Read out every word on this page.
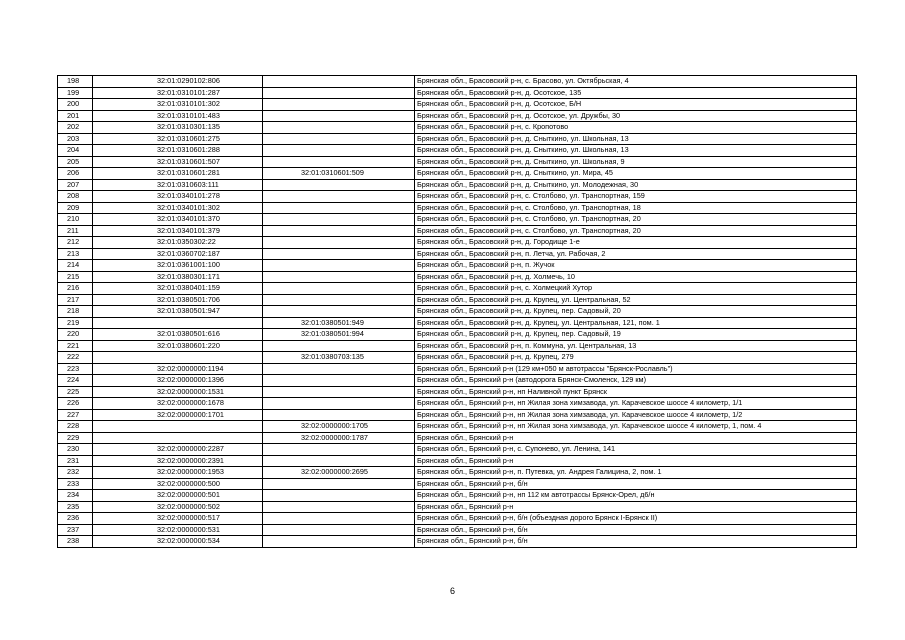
198	32:01:0290102:806		Брянская обл., Брасовский р-н, с. Брасово, ул. Октябрьская, 4
199	32:01:0310101:287		Брянская обл., Брасовский р-н, д. Осотское, 135
200	32:01:0310101:302		Брянская обл., Брасовский р-н, д. Осотское, Б/Н
201	32:01:0310101:483		Брянская обл., Брасовский р-н, д. Осотское, ул. Дружбы, 30
202	32:01:0310301:135		Брянская обл., Брасовский р-н, с. Кропотово
203	32:01:0310601:275		Брянская обл., Брасовский р-н, д. Сныткино, ул. Школьная, 13
204	32:01:0310601:288		Брянская обл., Брасовский р-н, д. Сныткино, ул. Школьная, 13
205	32:01:0310601:507		Брянская обл., Брасовский р-н, д. Сныткино, ул. Школьная, 9
206	32:01:0310601:281	32:01:0310601:509	Брянская обл., Брасовский р-н, д. Сныткино, ул. Мира, 45
207	32:01:0310603:111		Брянская обл., Брасовский р-н, д. Сныткино, ул. Молодежная, 30
208	32:01:0340101:278		Брянская обл., Брасовский р-н, с. Столбово, ул. Транспортная, 159
209	32:01:0340101:302		Брянская обл., Брасовский р-н, с. Столбово, ул. Транспортная, 18
210	32:01:0340101:370		Брянская обл., Брасовский р-н, с. Столбово, ул. Транспортная, 20
211	32:01:0340101:379		Брянская обл., Брасовский р-н, с. Столбово, ул. Транспортная, 20
212	32:01:0350302:22		Брянская обл., Брасовский р-н, д. Городище 1-е
213	32:01:0360702:187		Брянская обл., Брасовский р-н, п. Летча, ул. Рабочая, 2
214	32:01:0361001:100		Брянская обл., Брасовский р-н, п. Жучок
215	32:01:0380301:171		Брянская обл., Брасовский р-н, д. Холмечь, 10
216	32:01:0380401:159		Брянская обл., Брасовский р-н, с. Холмецкий Хутор
217	32:01:0380501:706		Брянская обл., Брасовский р-н, д. Крупец, ул. Центральная, 52
218	32:01:0380501:947		Брянская обл., Брасовский р-н, д. Крупец, пер. Садовый, 20
219		32:01:0380501:949	Брянская обл., Брасовский р-н, д. Крупец, ул. Центральная, 121, пом. 1
220	32:01:0380501:616	32:01:0380501:994	Брянская обл., Брасовский р-н, д. Крупец, пер. Садовый, 19
221	32:01:0380601:220		Брянская обл., Брасовский р-н, п. Коммуна, ул. Центральная, 13
222		32:01:0380703:135	Брянская обл., Брасовский р-н, д. Крупец, 279
223	32:02:0000000:1194		Брянская обл., Брянский р-н (129 км+050 м автотрассы "Брянск-Рославль")
224	32:02:0000000:1396		Брянская обл., Брянский р-н (автодорога Брянск-Смоленск, 129 км)
225	32:02:0000000:1531		Брянская обл., Брянский р-н, нп Наливной пункт Брянск
226	32:02:0000000:1678		Брянская обл., Брянский р-н, нп Жилая зона химзавода, ул. Карачевское шоссе 4 километр, 1/1
227	32:02:0000000:1701		Брянская обл., Брянский р-н, нп Жилая зона химзавода, ул. Карачевское шоссе 4 километр, 1/2
228		32:02:0000000:1705	Брянская обл., Брянский р-н, нп Жилая зона химзавода, ул. Карачевское шоссе 4 километр, 1, пом. 4
229		32:02:0000000:1787	Брянская обл., Брянский р-н
230	32:02:0000000:2287		Брянская обл., Брянский р-н, с. Супонево, ул. Ленина, 141
231	32:02:0000000:2391		Брянская обл., Брянский р-н
232	32:02:0000000:1953	32:02:0000000:2695	Брянская обл., Брянский р-н, п. Путевка, ул. Андрея Галицина, 2, пом. 1
233	32:02:0000000:500		Брянская обл., Брянский р-н, б/н
234	32:02:0000000:501		Брянская обл., Брянский р-н, нп 112 км автотрассы Брянск-Орел, д6/н
235	32:02:0000000:502		Брянская обл., Брянский р-н
236	32:02:0000000:517		Брянская обл., Брянский р-н, б/н (объездная дорого Брянск I-Брянск II)
237	32:02:0000000:531		Брянская обл., Брянский р-н, б/н
238	32:02:0000000:534		Брянская обл., Брянский р-н, б/н
6
